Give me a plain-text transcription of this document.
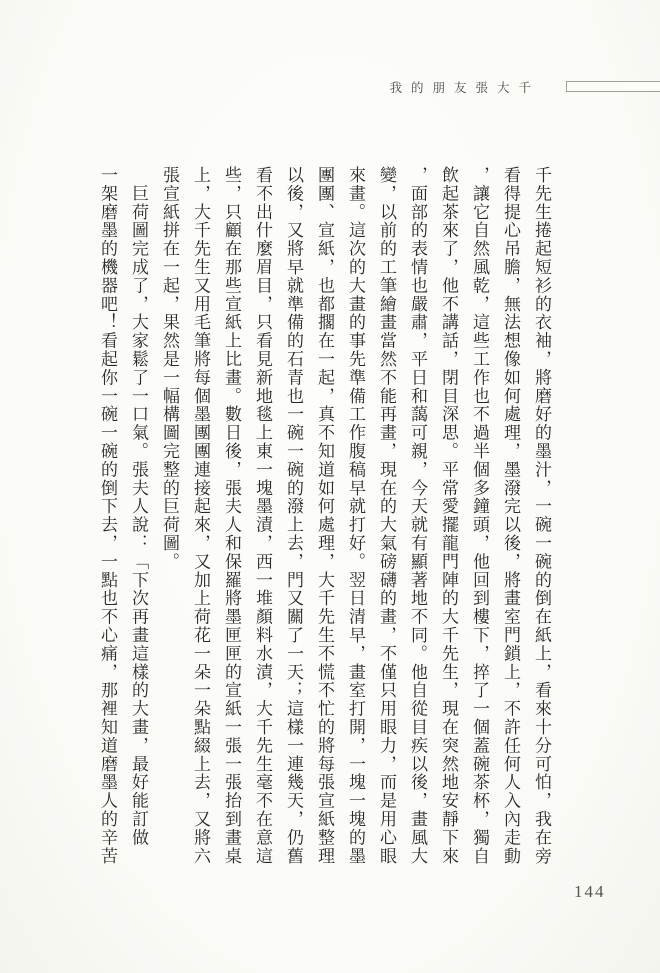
我的朋友張大千
千先生捲起短衫的衣袖，將磨好的墨汁，一碗一碗的倒在紙上，看來十分可怕，我在旁
看得提心吊膽，無法想像如何處理，墨潑完以後，將畫室門鎖上，不許任何人入內走動
，讓它自然風乾，這些工作也不過半個多鐘頭，他回到樓下，捽了一個蓋碗茶杯，獨自
飲起茶來了，他不講話，閉目深思。平常愛擺龍門陣的大千先生，現在突然地安靜下來
，面部的表情也嚴肅，平日和藹可親，今天就有顯著地不同。他自從目疾以後，畫風大
變，以前的工筆繪畫當然不能再畫，現在的大氣磅礴的畫，不僅只用眼力，而是用心眼
來畫。這次的大畫的事先準備工作腹稿早就打好。翌日清早，畫室打開，一塊一塊的墨
團團、宣紙，也都擱在一起，真不知道如何處理，大千先生不慌不忙的將每張宣紙整理
以後，又將早就準備的石青也一碗一碗的潑上去，門又關了一天；這樣一連幾天，仍舊
看不出什麼眉目，只看見新地毯上東一塊墨漬，西一堆顏料水漬，大千先生毫不在意這
些，只顧在那些宣紙上比畫。數日後，張夫人和保羅將墨匣匣的宣紙一張一張抬到畫桌
上，大千先生又用毛筆將每個墨團團連接起來，又加上荷花一朵一朵點綴上去，又將六
張宣紙拼在一起，果然是一幅構圖完整的巨荷圖。
　巨荷圖完成了，大家鬆了一口氣。張夫人說：「下次再畫這樣的大畫，最好能訂做
一架磨墨的機器吧！看起你一碗一碗的倒下去，一點也不心痛，那裡知道磨墨人的辛苦
144
